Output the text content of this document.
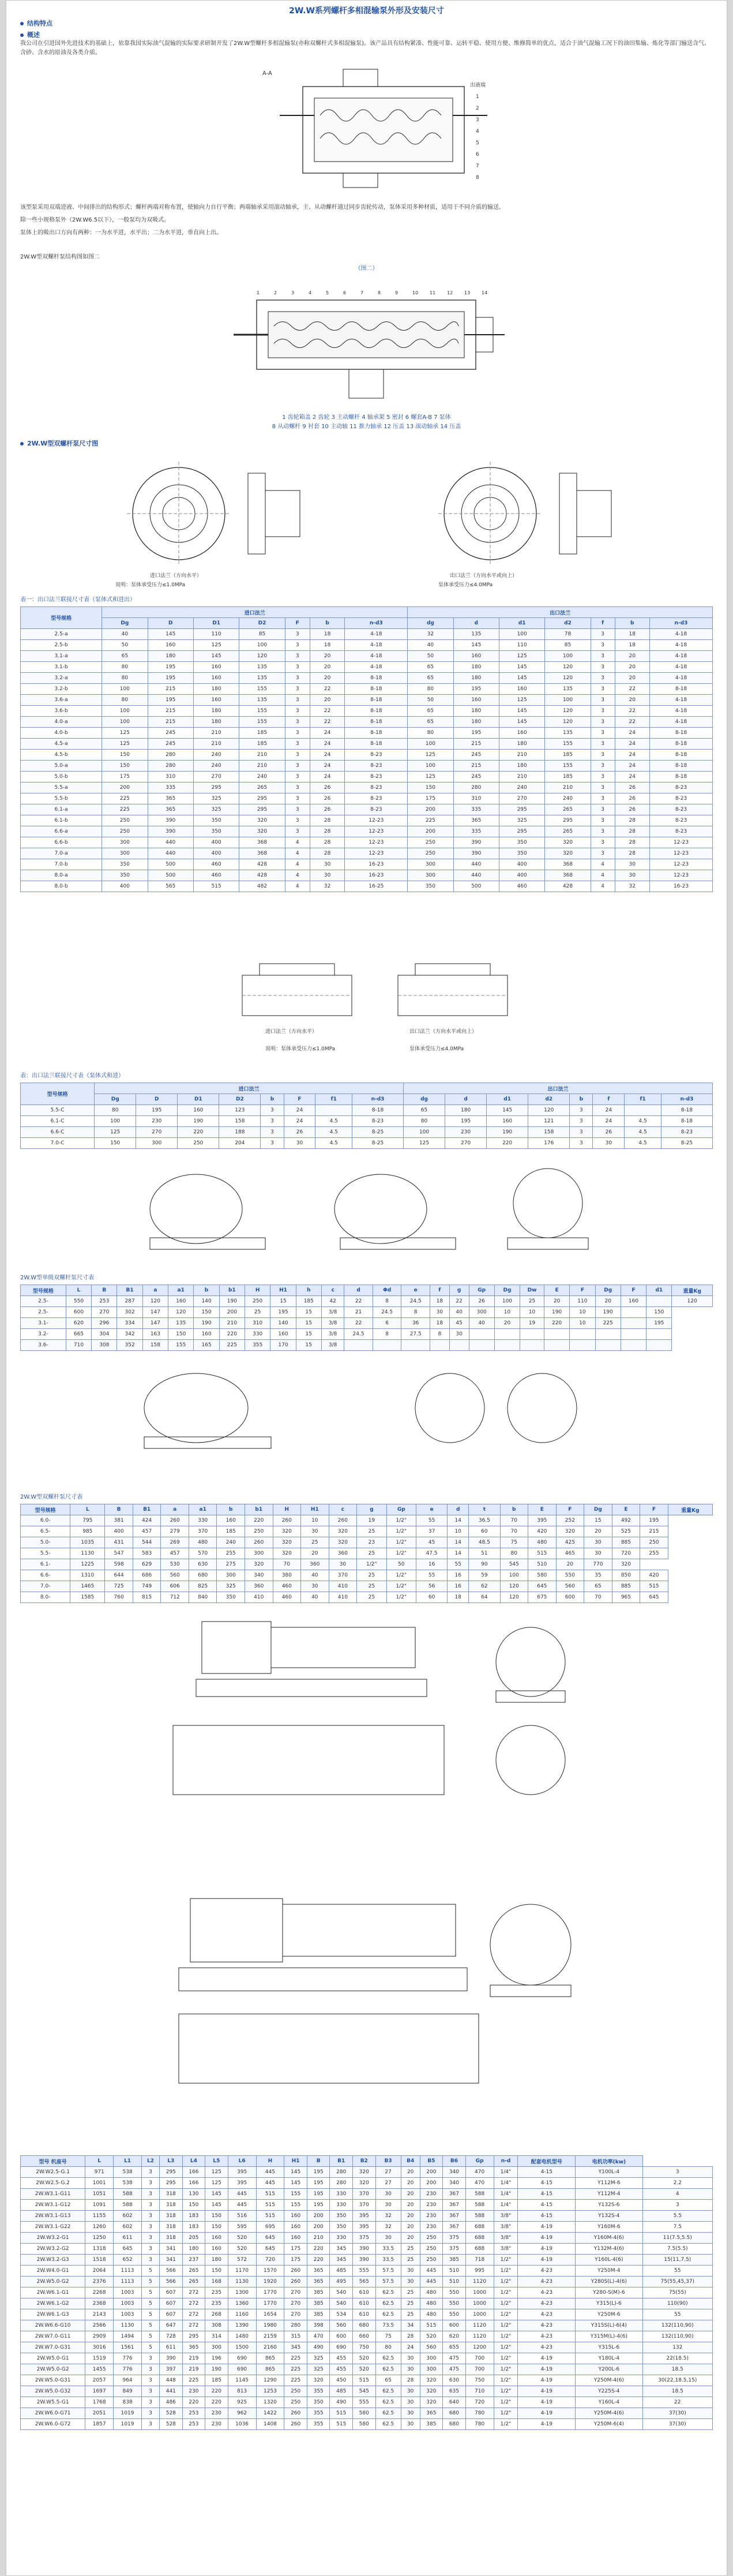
2W.W系列螺杆多相混输泵外形及安装尺寸
结构特点
概述

我公司在引进国外先进技术的基础上，依靠我国实际油气混输的实际要求研制开发了2W.W型螺杆多相混输泵(亦称双螺杆式多相混输泵)。该产品具有结构紧凑、性能可靠、运转平稳、使用方便、维修简单的优点，适合于油气混输工况下的油田集输、炼化等部门输送含气、含砂、含水的原油及各类介质。

A-A
出液端
1
2
3
4
5
6
7
8

该型泵采用双端进液、中间排出的结构形式；螺杆两端对称布置，使轴向力自行平衡；两端轴承采用滚动轴承，主、从动螺杆通过同步齿轮传动，泵体采用多种材质，适用于不同介质的输送。

除一些小规格泵外（2W.W6.5以下），一般泵均为双吸式。

泵体上的吸出口方向有两种：一为水平进，水平出；二为水平进，垂直向上出。

2W.W型双螺杆泵结构图如图二
（图二）
1	2	3	4	5	6	7	8	9	10 11 12 13 14
1 齿轮箱盖 2 齿轮 3 主动螺杆 4 轴承架 5 密封 6 螺套A-B 7 泵体
8 从动螺杆 9 衬套 10 主动轴 11 推力轴承 12 压盖 13 滚动轴承 14 压盖
2W.W型双螺杆泵尺寸图
进口法兰（方向水平）
说明：泵体承受压力≤1.0MPa
出口法兰（方向水平或向上）
泵体承受压力≤4.0MPa
表一：出口法兰联接尺寸表（泵体式和进出）
型号规格	进口法兰							出口法兰						
	Dg	D	D1	D2	F	b	n-d3	dg	d	d1	d2	f	b	n-d3
2.5-a	40	145	110	85	3	18	4-18	32	135	100	78	3	18	4-18
2.5-b	50	160	125	100	3	18	4-18	40	145	110	85	3	18	4-18
3.1-a	65	180	145	120	3	20	4-18	50	160	125	100	3	20	4-18
3.1-b	80	195	160	135	3	20	4-18	65	180	145	120	3	20	4-18
3.2-a	80	195	160	135	3	20	8-18	65	180	145	120	3	20	4-18
3.2-b	100	215	180	155	3	22	8-18	80	195	160	135	3	22	8-18
3.6-a	80	195	160	135	3	20	8-18	50	160	125	100	3	20	4-18
3.6-b	100	215	180	155	3	22	8-18	65	180	145	120	3	22	4-18
4.0-a	100	215	180	155	3	22	8-18	65	180	145	120	3	22	4-18
4.0-b	125	245	210	185	3	24	8-18	80	195	160	135	3	24	8-18
4.5-a	125	245	210	185	3	24	8-18	100	215	180	155	3	24	8-18
4.5-b	150	280	240	210	3	24	8-23	125	245	210	185	3	24	8-18
5.0-a	150	280	240	210	3	24	8-23	100	215	180	155	3	24	8-18
5.0-b	175	310	270	240	3	24	8-23	125	245	210	185	3	24	8-18
5.5-a	200	335	295	265	3	26	8-23	150	280	240	210	3	26	8-23
5.5-b	225	365	325	295	3	26	8-23	175	310	270	240	3	26	8-23
6.1-a	225	365	325	295	3	26	8-23	200	335	295	265	3	26	8-23
6.1-b	250	390	350	320	3	28	12-23	225	365	325	295	3	28	8-23
6.6-a	250	390	350	320	3	28	12-23	200	335	295	265	3	28	8-23
6.6-b	300	440	400	368	4	28	12-23	250	390	350	320	3	28	12-23
7.0-a	300	440	400	368	4	28	12-23	250	390	350	320	3	28	12-23
7.0-b	350	500	460	428	4	30	16-23	300	440	400	368	4	30	12-23
8.0-a	350	500	460	428	4	30	16-23	300	440	400	368	4	30	12-23
8.0-b	400	565	515	482	4	32	16-25	350	500	460	428	4	32	16-23
进口法兰（方向水平）	出口法兰（方向水平或向上）
说明：泵体承受压力≤1.0MPa	泵体承受压力≤4.0MPa
表：出口法兰联接尺寸表（泵体式和进）
型号规格	进口法兰								出口法兰							
	Dg	D	D1	D2	b	F	f1	n-d3	dg	d	d1	d2	b	f	f1	n-d3
5.5-C	80	195	160	123	3	24		8-18	65	180	145	120	3	24		8-18
6.1-C	100	230	190	158	3	24	4.5	8-23	80	195	160	121	3	24	4.5	8-18
6.6-C	125	270	220	188	3	26	4.5	8-25	100	230	190	158	3	26	4.5	8-23
7.0-C	150	300	250	204	3	30	4.5	8-25	125	270	220	176	3	30	4.5	8-25
2W.W型单级双螺杆泵尺寸表
型号规格	L	B	B1	a	a1	b	b1	H	H1	h	c	d	Φd	e	f	g	Gp	Dg	Dw	E	F	Dg	F	d1	重量Kg
2.5-	550	253	287	120	160	140	190	250	15	185	42	22	8	24.5	18	22	26	100	25	20	110	20	160		120
2.5-	600	270	302	147	120	150	200	25	195	15	3/8	21	24.5	8	30	40	300	10	10	190	10	190		150	
3.1-	620	296	334	147	135	190	210	310	140	15	3/8	22	6	36	18	45	40	20	19	220	10	225		195	
3.2-	665	304	342	163	150	160	220	330	160	15	3/8	24.5	8	27.5	8	30									
3.6-	710	308	352	158	155	165	225	355	170	15	3/8														
2W.W型双螺杆泵尺寸表
型号规格	L	B	B1	a	a1	b	b1	H	H1	c	g	Gp	e	d	t	b	E	F	Dg	E	F	重量Kg
6.0-	795	381	424	260	330	160	220	260	10	260	19	1/2"	55	14	36.5	70	395	252	15	492	195	
6.5-	985	400	457	279	370	185	250	320	30	320	25	1/2"	37	10	60	70	420	320	20	525	215	
5.0-	1035	431	544	269	480	240	260	320	25	320	23	1/2"	45	14	48.5	75	480	425	30	885	250	
5.5-	1130	547	583	457	570	255	300	320	20	360	25	1/2"	47.5	14	51	80	515	465	30	720	255	
6.1-	1225	598	629	530	630	275	320	70	360	30	1/2"	50	16	55	90	545	510	20	770	320		
6.6-	1310	644	686	560	680	300	340	380	40	370	25	1/2"	55	16	59	100	580	550	35	850	420	
7.0-	1465	725	749	606	825	325	360	460	30	410	25	1/2"	56	16	62	120	645	560	65	885	515	
8.0-	1585	760	815	712	840	350	410	460	40	410	25	1/2"	60	18	64	120	675	600	70	965	645	
型号 机座号	L	L1	L2	L3	L4	L5	L6	H	H1	B	B1	B2	B3	B4	B5	B6	Gp	n-d	配套电机型号	电机功率(kw)	
2W.W2.5-G.1	971	538	3	295	166	125	395	445	145	195	280	320	27	20	200	340	470	1/4"	4-15	Y100L-4	3
2W.W2.5-G.2	1001	538	3	295	166	125	395	445	145	195	280	320	27	20	200	340	470	1/4"	4-15	Y112M-6	2.2
2W.W3.1-G11	1051	588	3	318	130	145	445	515	155	195	330	370	30	20	230	367	588	1/4"	4-15	Y112M-4	4
2W.W3.1-G12	1091	588	3	318	150	145	445	515	155	195	330	370	30	20	230	367	588	1/4"	4-15	Y132S-6	3
2W.W3.1-G13	1155	602	3	318	183	150	516	515	160	200	350	395	32	20	230	367	588	3/8"	4-15	Y132S-4	5.5
2W.W3.1-G22	1260	602	3	318	183	150	595	695	160	200	350	395	32	20	230	367	688	3/8"	4-19	Y160M-6	7.5
2W.W3.2-G1	1250	611	3	318	205	160	520	645	160	210	330	375	30	20	250	375	688	3/8"	4-19	Y160M-4(6)	11(7.5,5.5)
2W.W3.2-G2	1318	645	3	341	180	160	520	645	175	220	345	390	33.5	25	250	375	688	3/8"	4-19	Y132M-4(6)	7.5(5.5)
2W.W3.2-G3	1518	652	3	341	237	180	572	720	175	220	345	390	33.5	25	250	385	718	1/2"	4-19	Y160L-4(6)	15(11,7.5)
2W.W4.0-G1	2064	1113	5	566	265	150	1170	1570	260	365	485	555	57.5	30	445	510	995	1/2"	4-23	Y250M-4	55
2W.W5.0-G2	2376	1113	5	566	265	168	1130	1920	260	365	495	565	57.5	30	445	510	1120	1/2"	4-23	Y280S(L)-4(6)	75(55,45,37)
2W.W6.1-G1	2268	1003	5	607	272	235	1300	1770	270	385	540	610	62.5	25	480	550	1000	1/2"	4-23	Y280-S(M)-6	75(55)
2W.W6.1-G2	2368	1003	5	607	272	235	1360	1770	270	385	540	610	62.5	25	480	550	1000	1/2"	4-23	Y315(L)-6	110(90)
2W.W6.1-G3	2143	1003	5	607	272	268	1160	1654	270	385	534	610	62.5	25	480	550	1000	1/2"	4-23	Y250M-6	55
2W.W6.6-G10	2566	1130	5	647	272	308	1390	1980	280	398	560	680	73.5	34	515	600	1120	1/2"	4-23	Y315S(L)-6(4)	132(110,90)
2W.W7.0-G11	2909	1494	5	728	295	314	1480	2159	315	470	600	660	75	28	520	620	1120	1/2"	4-23	Y315M(L)-4(6)	132(110,90)
2W.W7.0-G31	3016	1561	5	611	365	300	1500	2160	345	490	690	750	80	24	560	655	1200	1/2"	4-23	Y315L-6	132
2W.W5.0-G1	1519	776	3	390	219	196	690	865	225	325	455	520	62.5	30	300	475	700	1/2"	4-19	Y180L-4	22(18.5)
2W.W5.0-G2	1455	776	3	397	219	190	690	865	225	325	455	520	62.5	30	300	475	700	1/2"	4-19	Y200L-6	18.5
2W.W5.0-G31	2057	964	3	448	225	185	1145	1290	225	320	450	515	65	28	320	630	750	1/2"	4-19	Y250M-4(6)	30(22,18.5,15)
2W.W5.0-G32	1697	849	3	441	230	220	813	1253	250	355	485	545	62.5	30	320	635	710	1/2"	4-19	Y225S-4	18.5
2W.W5.5-G1	1768	838	3	486	220	220	925	1320	250	350	490	555	62.5	30	320	640	720	1/2"	4-19	Y160L-4	22
2W.W6.0-G71	2051	1019	3	528	253	230	962	1422	260	355	515	580	62.5	30	365	680	780	1/2"	4-19	Y250M-4(6)	37(30)
2W.W6.0-G72	1857	1019	3	528	253	230	1036	1408	260	355	515	580	62.5	30	385	680	780	1/2"	4-19	Y250M-6(4)	37(30)
